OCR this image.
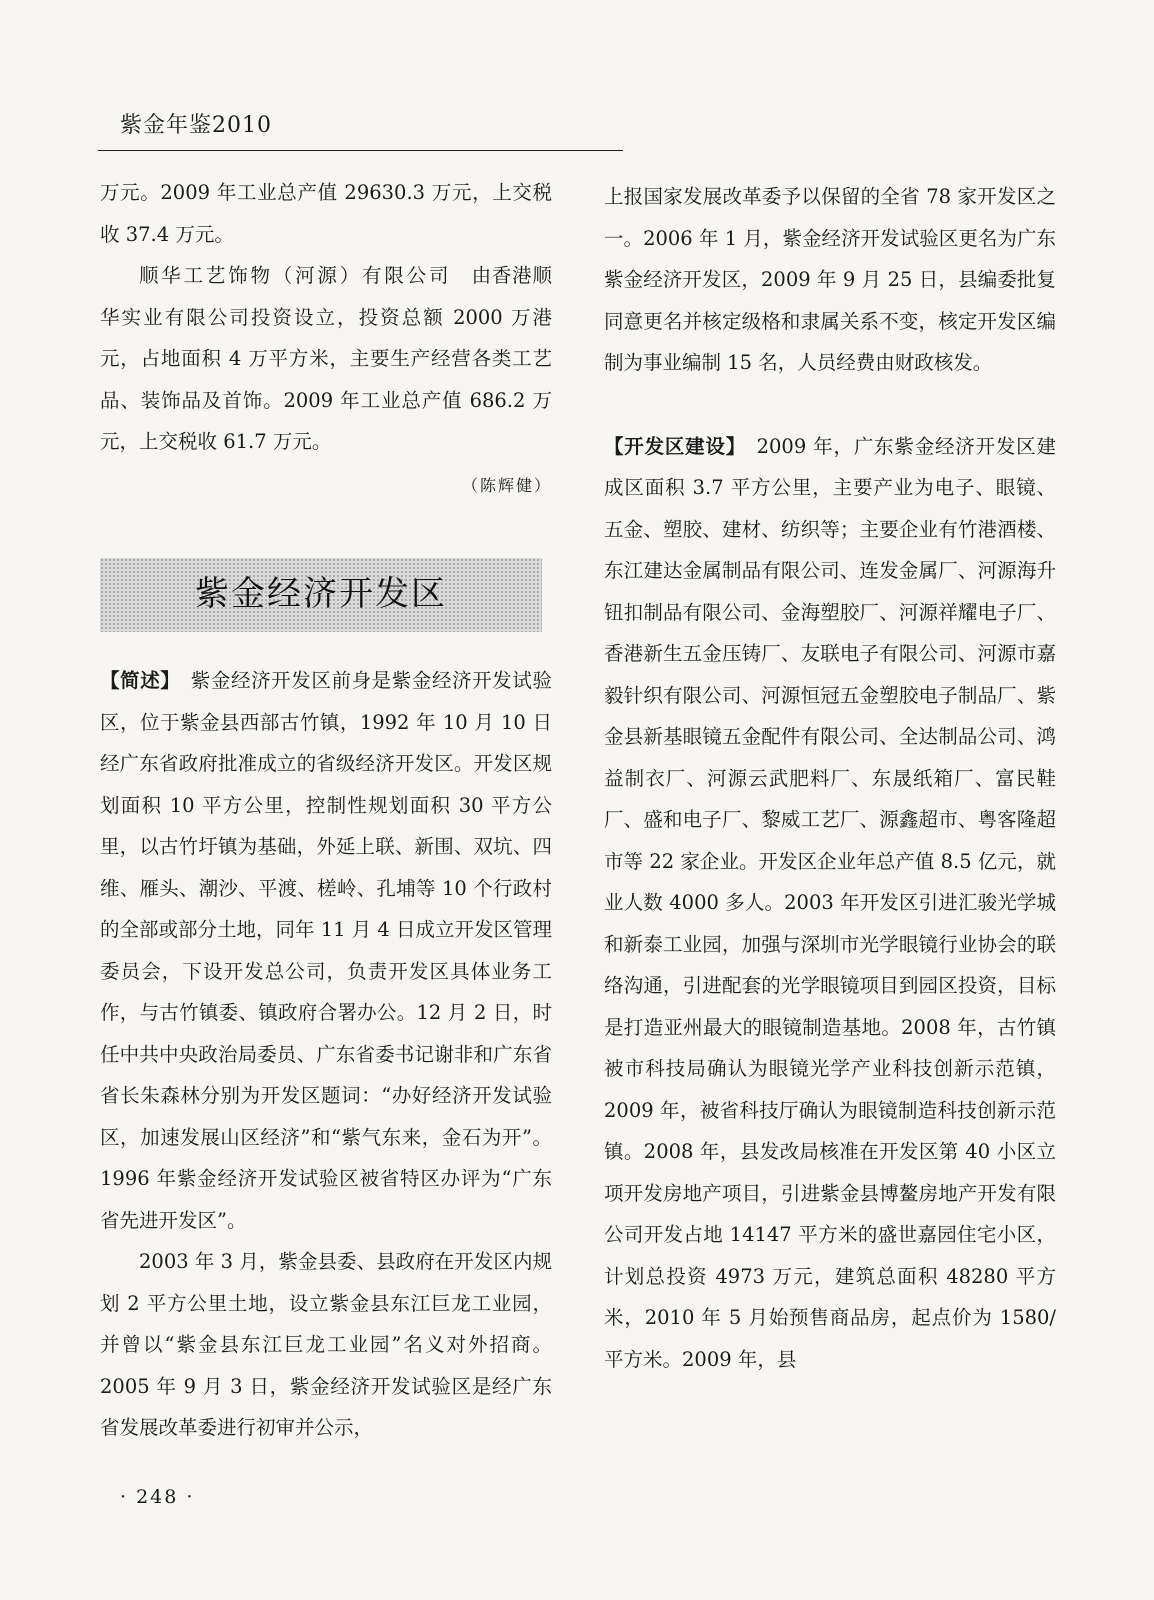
紫金年鉴2010

万元。2009 年工业总产值 29630.3 万元，上交税收 37.4 万元。

顺华工艺饰物（河源）有限公司　 由香港顺华实业有限公司投资设立，投资总额 2000 万港元，占地面积 4 万平方米，主要生产经营各类工艺品、装饰品及首饰。2009 年工业总产值 686.2 万元，上交税收 61.7 万元。

（陈辉健）

紫金经济开发区

【简述】　 紫金经济开发区前身是紫金经济开发试验区，位于紫金县西部古竹镇，1992 年 10 月 10 日经广东省政府批准成立的省级经济开发区。开发区规划面积 10 平方公里，控制性规划面积 30 平方公里，以古竹圩镇为基础，外延上联、新围、双坑、四维、雁头、潮沙、平渡、槎岭、孔埔等 10 个行政村的全部或部分土地，同年 11 月 4 日成立开发区管理委员会，下设开发总公司，负责开发区具体业务工作，与古竹镇委、镇政府合署办公。12 月 2 日，时任中共中央政治局委员、广东省委书记谢非和广东省省长朱森林分别为开发区题词：“办好经济开发试验区，加速发展山区经济”和“紫气东来，金石为开”。1996 年紫金经济开发试验区被省特区办评为“广东省先进开发区”。

2003 年 3 月，紫金县委、县政府在开发区内规划 2 平方公里土地，设立紫金县东江巨龙工业园，并曾以“紫金县东江巨龙工业园”名义对外招商。2005 年 9 月 3 日，紫金经济开发试验区是经广东省发展改革委进行初审并公示，

上报国家发展改革委予以保留的全省 78 家开发区之一。2006 年 1 月，紫金经济开发试验区更名为广东紫金经济开发区，2009 年 9 月 25 日，县编委批复同意更名并核定级格和隶属关系不变，核定开发区编制为事业编制 15 名，人员经费由财政核发。

【开发区建设】　 2009 年，广东紫金经济开发区建成区面积 3.7 平方公里，主要产业为电子、眼镜、五金、塑胶、建材、纺织等；主要企业有竹港酒楼、东江建达金属制品有限公司、连发金属厂、河源海升钮扣制品有限公司、金海塑胶厂、河源祥耀电子厂、香港新生五金压铸厂、友联电子有限公司、河源市嘉毅针织有限公司、河源恒冠五金塑胶电子制品厂、紫金县新基眼镜五金配件有限公司、全达制品公司、鸿益制衣厂、河源云武肥料厂、东晟纸箱厂、富民鞋厂、盛和电子厂、黎威工艺厂、源鑫超市、粤客隆超市等 22 家企业。开发区企业年总产值 8.5 亿元，就业人数 4000 多人。2003 年开发区引进汇骏光学城和新泰工业园，加强与深圳市光学眼镜行业协会的联络沟通，引进配套的光学眼镜项目到园区投资，目标是打造亚州最大的眼镜制造基地。2008 年，古竹镇被市科技局确认为眼镜光学产业科技创新示范镇，2009 年，被省科技厅确认为眼镜制造科技创新示范镇。2008 年，县发改局核准在开发区第 40 小区立项开发房地产项目，引进紫金县博鳌房地产开发有限公司开发占地 14147 平方米的盛世嘉园住宅小区，计划总投资 4973 万元，建筑总面积 48280 平方米，2010 年 5 月始预售商品房，起点价为 1580/平方米。2009 年，县

· 248 ·
